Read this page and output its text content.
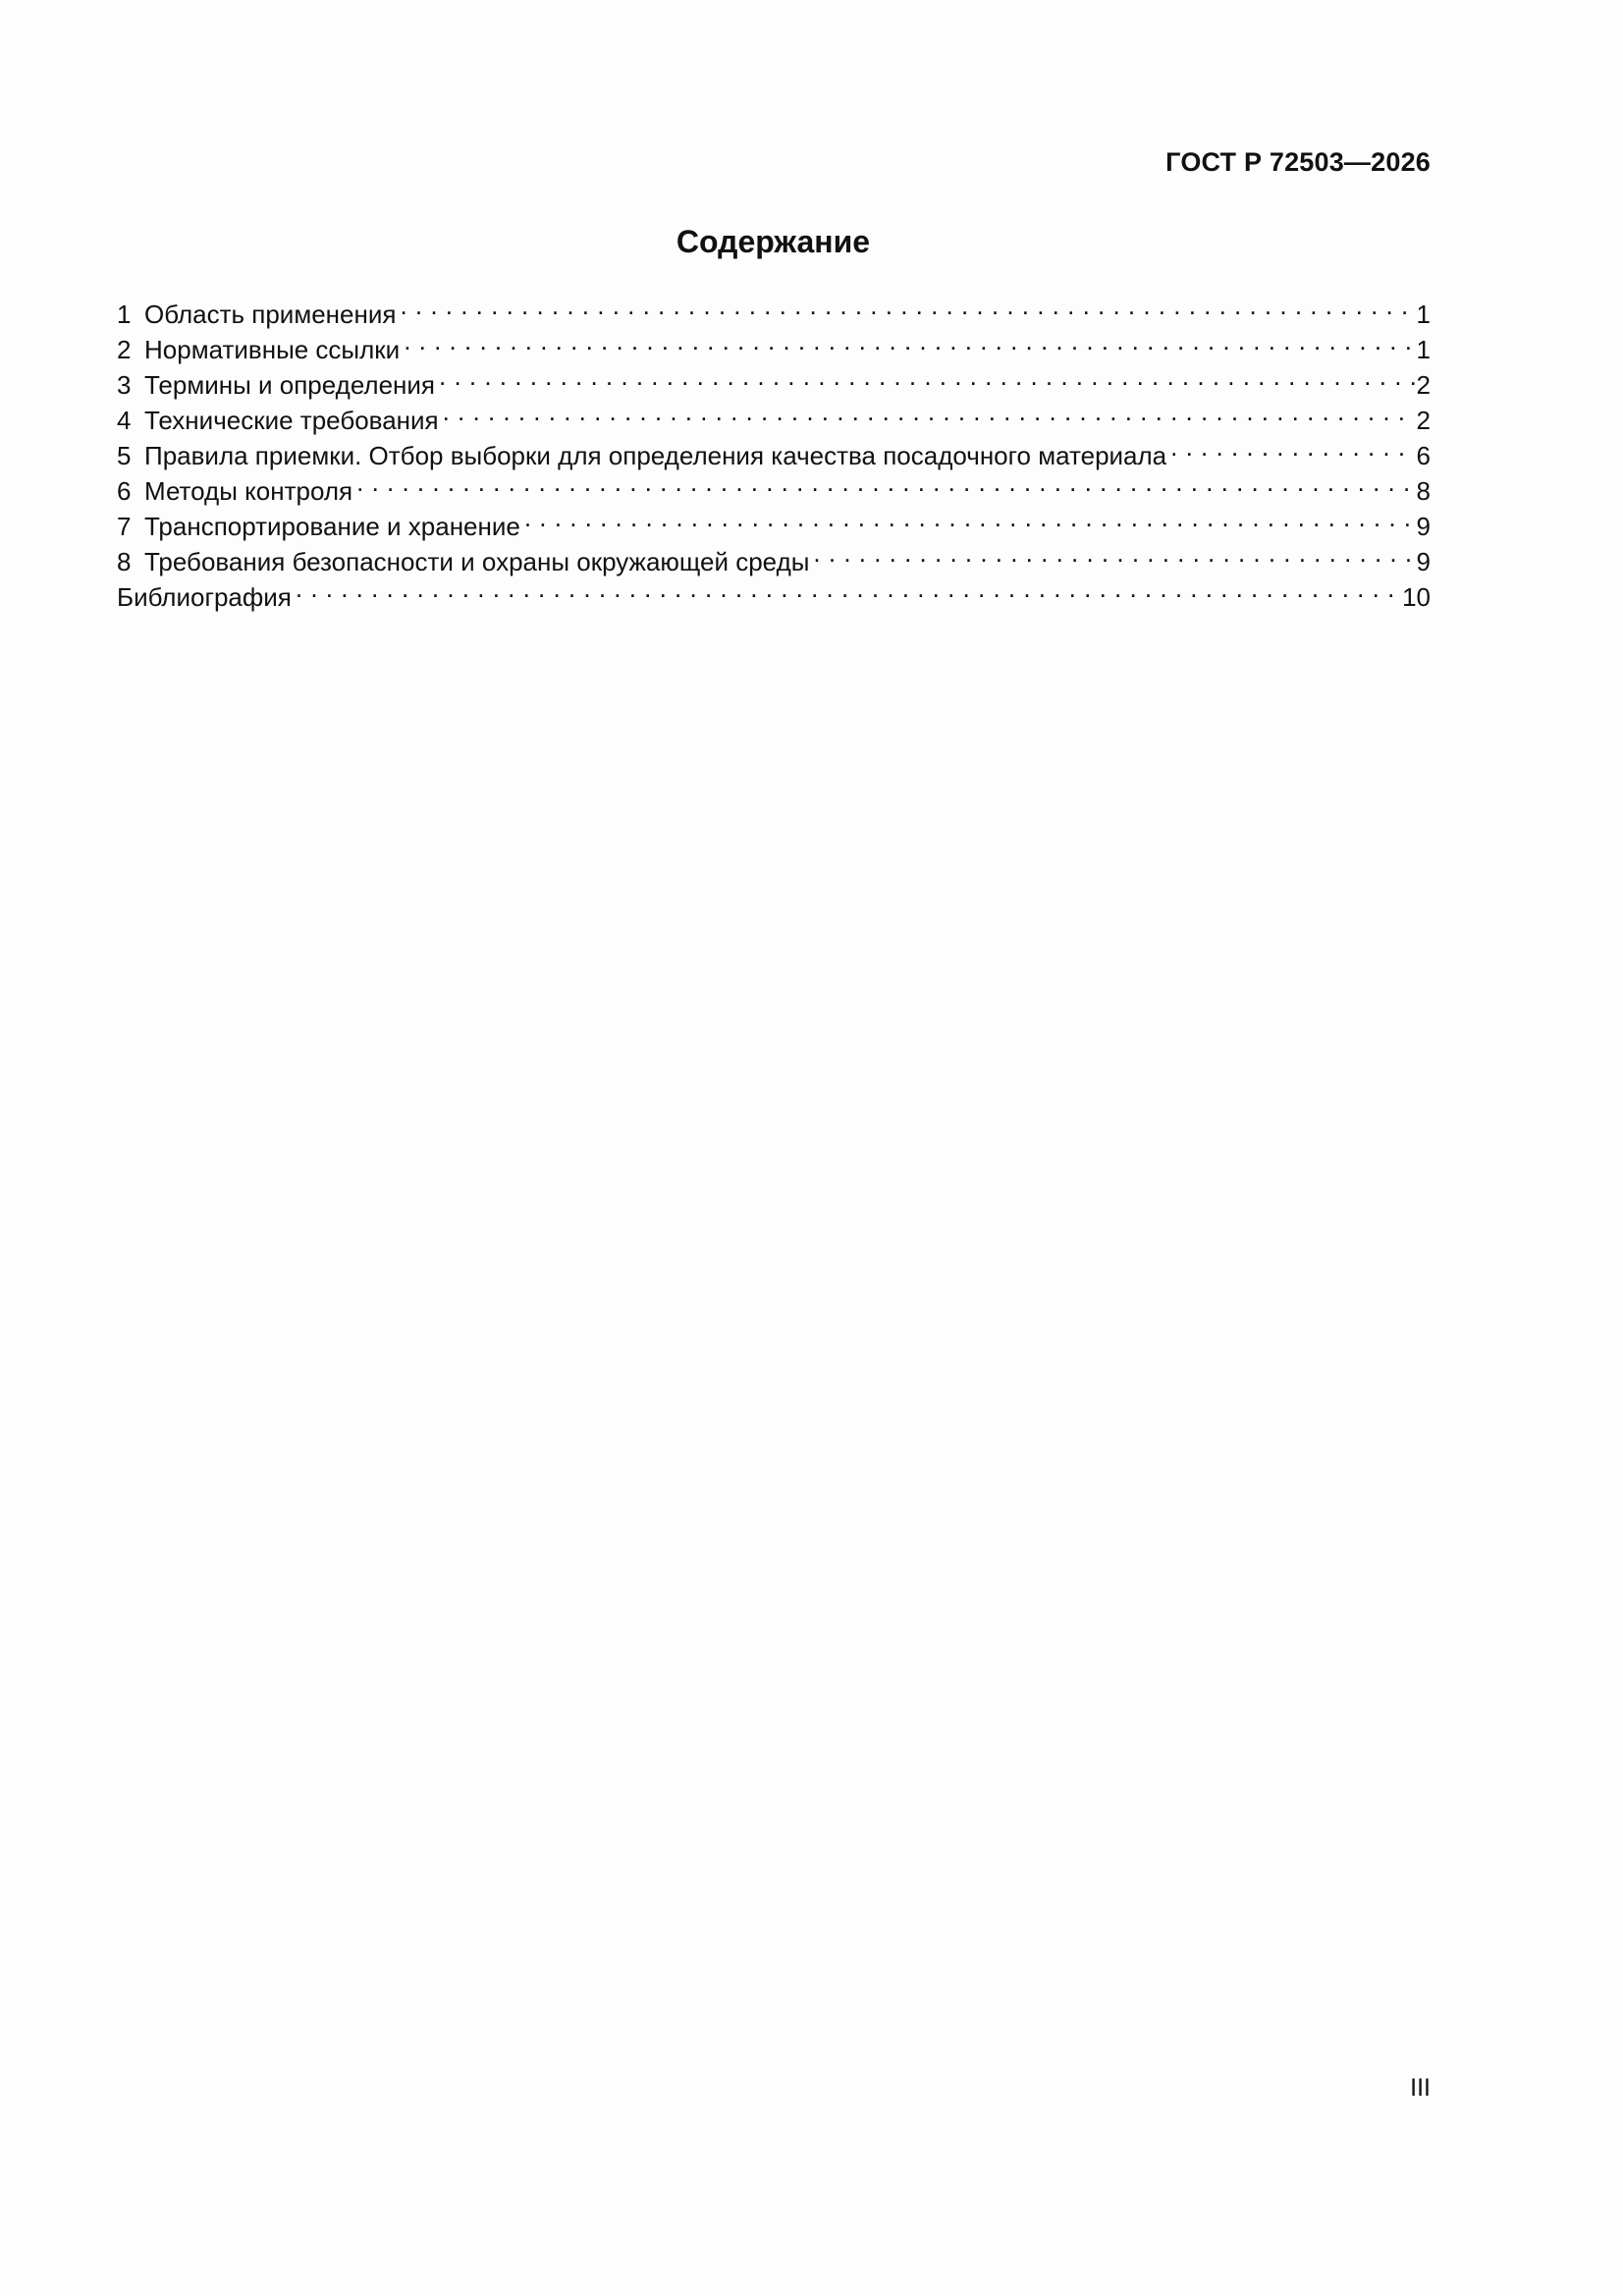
ГОСТ Р 72503—2026
Содержание
1 Область применения . . .	1
2 Нормативные ссылки . . .	1
3 Термины и определения . . .	2
4 Технические требования . . .	2
5 Правила приемки. Отбор выборки для определения качества посадочного материала . . .	6
6 Методы контроля . . .	8
7 Транспортирование и хранение . . .	9
8 Требования безопасности и охраны окружающей среды . . .	9
Библиография . . .	10
III
